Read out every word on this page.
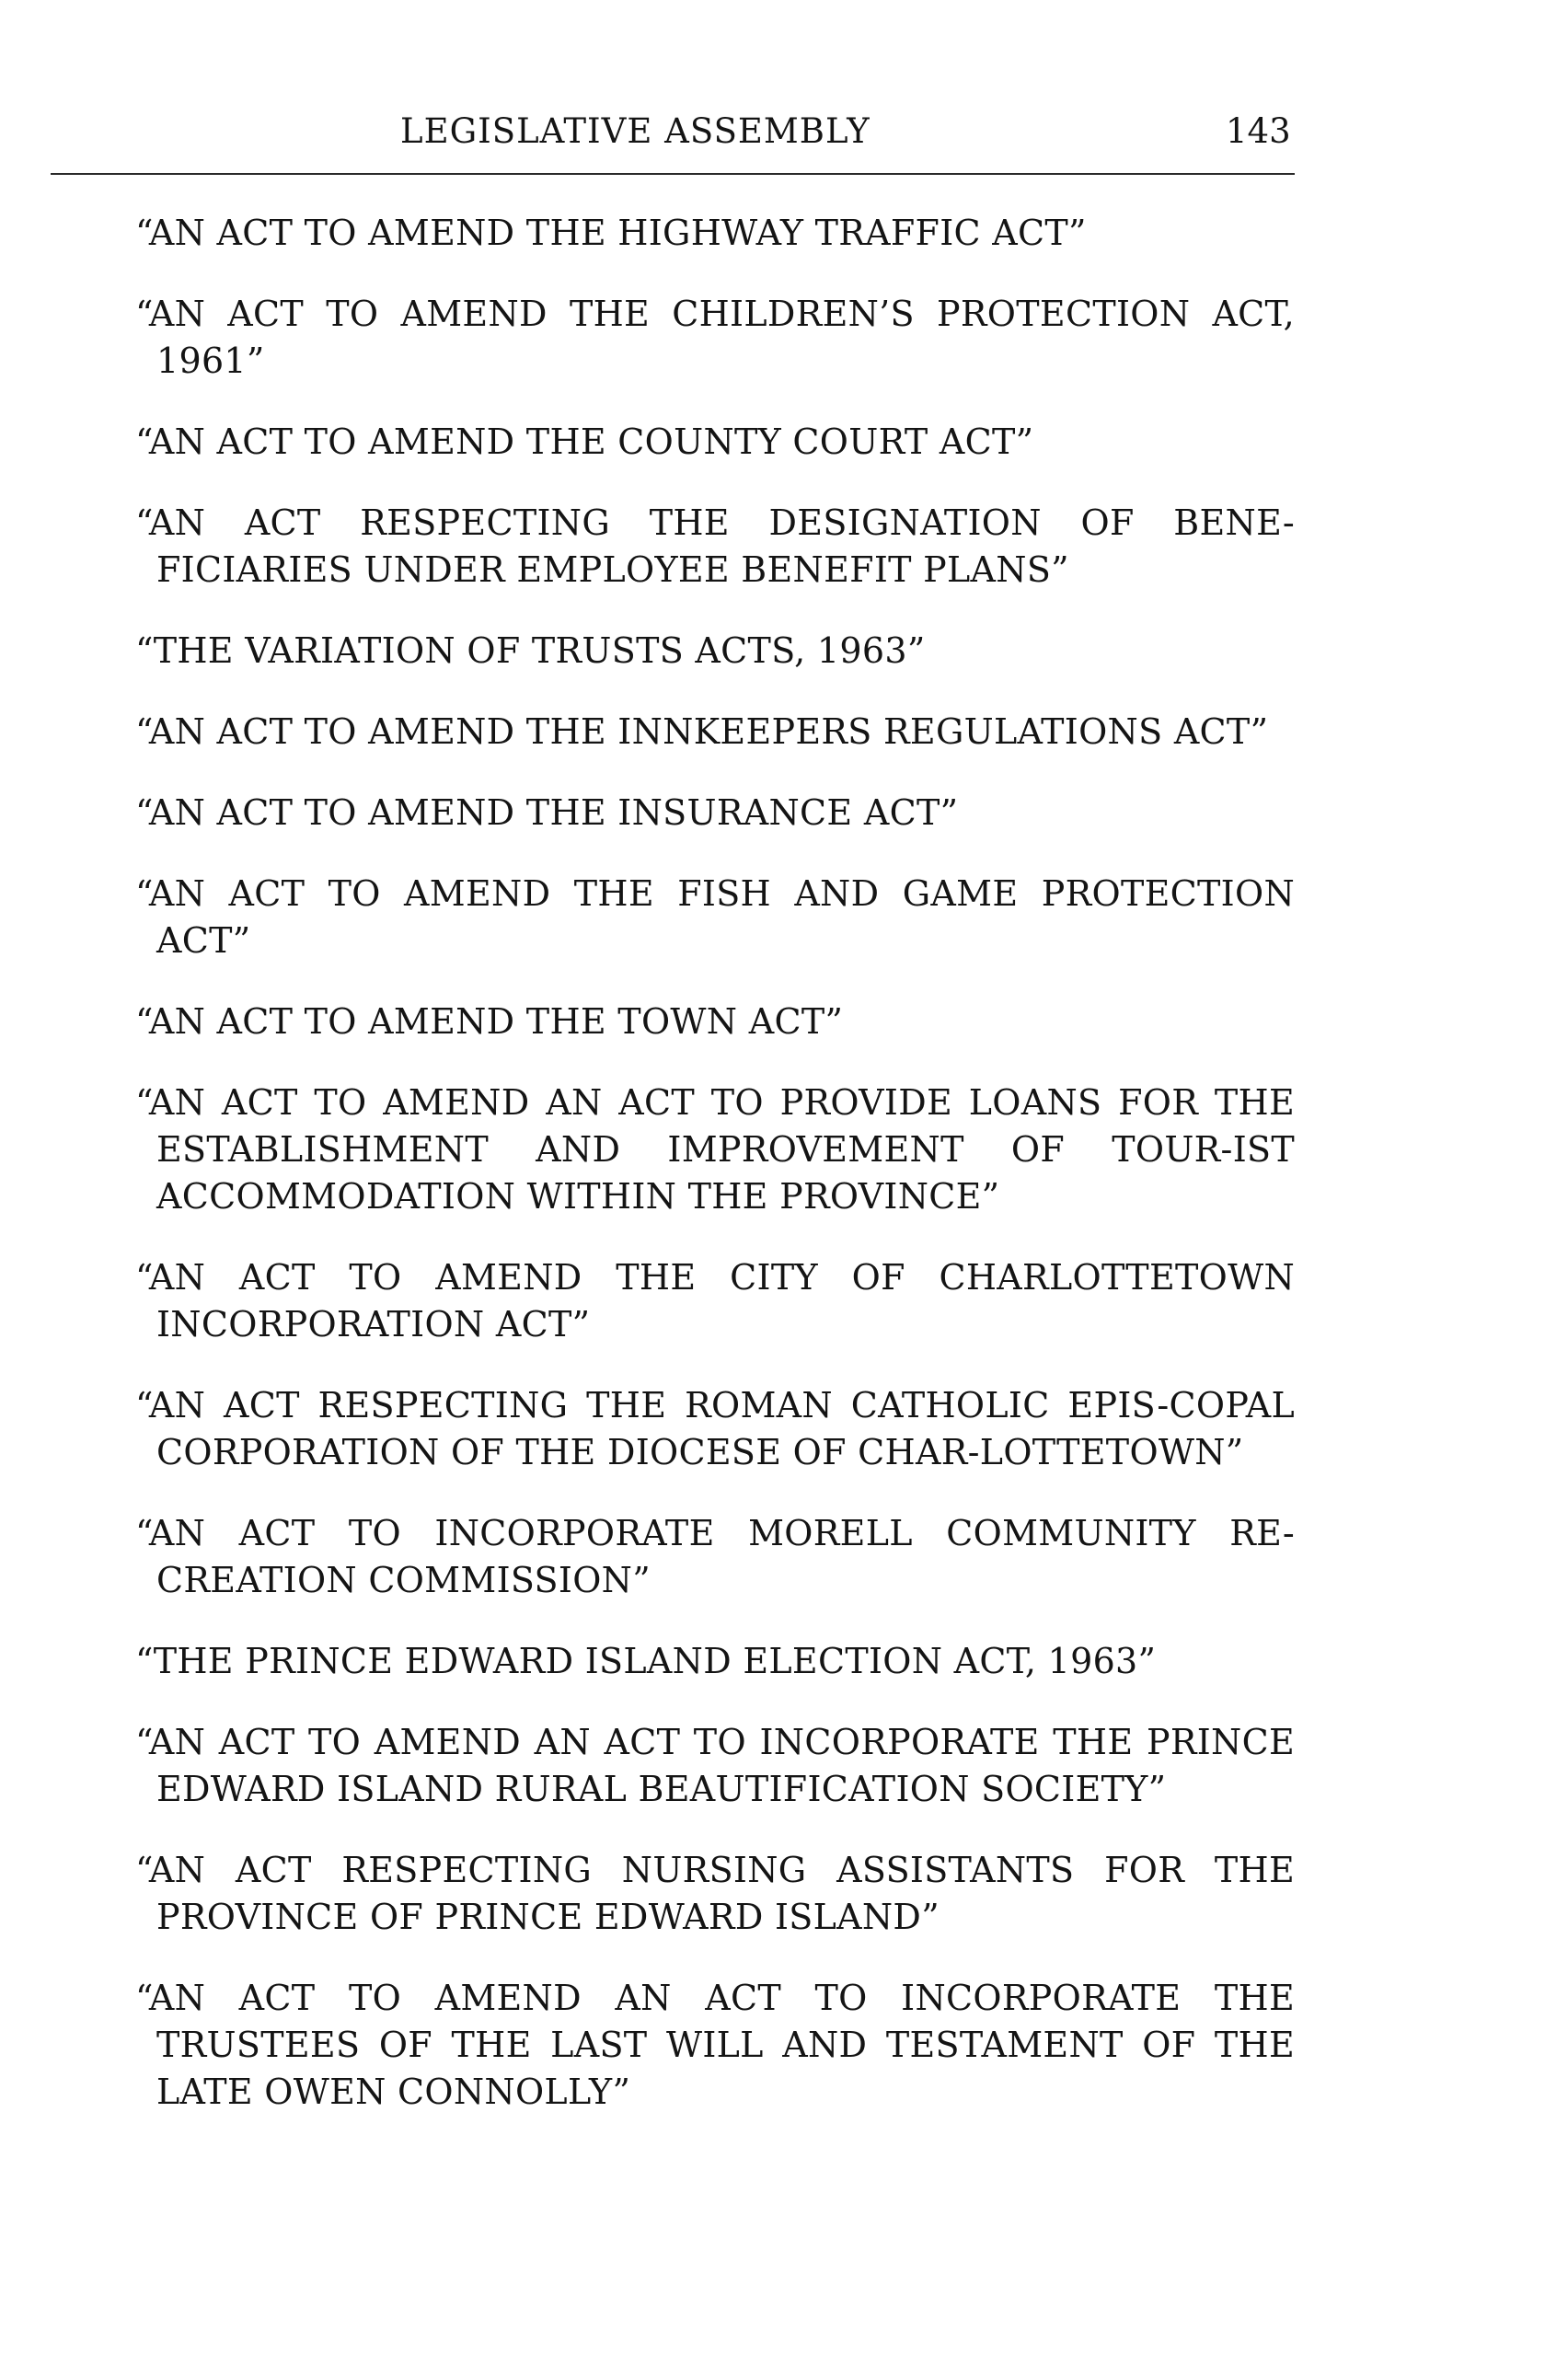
LEGISLATIVE ASSEMBLY	143

“AN ACT TO AMEND THE HIGHWAY TRAFFIC ACT”

“AN ACT TO AMEND THE CHILDREN’S PROTECTION ACT, 1961”

“AN ACT TO AMEND THE COUNTY COURT ACT”

“AN ACT RESPECTING THE DESIGNATION OF BENE-FICIARIES UNDER EMPLOYEE BENEFIT PLANS”

“THE VARIATION OF TRUSTS ACTS, 1963”

“AN ACT TO AMEND THE INNKEEPERS REGULATIONS ACT”

“AN ACT TO AMEND THE INSURANCE ACT”

“AN ACT TO AMEND THE FISH AND GAME PROTECTION ACT”

“AN ACT TO AMEND THE TOWN ACT”

“AN ACT TO AMEND AN ACT TO PROVIDE LOANS FOR THE ESTABLISHMENT AND IMPROVEMENT OF TOUR-IST ACCOMMODATION WITHIN THE PROVINCE”

“AN ACT TO AMEND THE CITY OF CHARLOTTETOWN INCORPORATION ACT”

“AN ACT RESPECTING THE ROMAN CATHOLIC EPIS-COPAL CORPORATION OF THE DIOCESE OF CHAR-LOTTETOWN”

“AN ACT TO INCORPORATE MORELL COMMUNITY RE-CREATION COMMISSION”

“THE PRINCE EDWARD ISLAND ELECTION ACT, 1963”

“AN ACT TO AMEND AN ACT TO INCORPORATE THE PRINCE EDWARD ISLAND RURAL BEAUTIFICATION SOCIETY”

“AN ACT RESPECTING NURSING ASSISTANTS FOR THE PROVINCE OF PRINCE EDWARD ISLAND”

“AN ACT TO AMEND AN ACT TO INCORPORATE THE TRUSTEES OF THE LAST WILL AND TESTAMENT OF THE LATE OWEN CONNOLLY”
